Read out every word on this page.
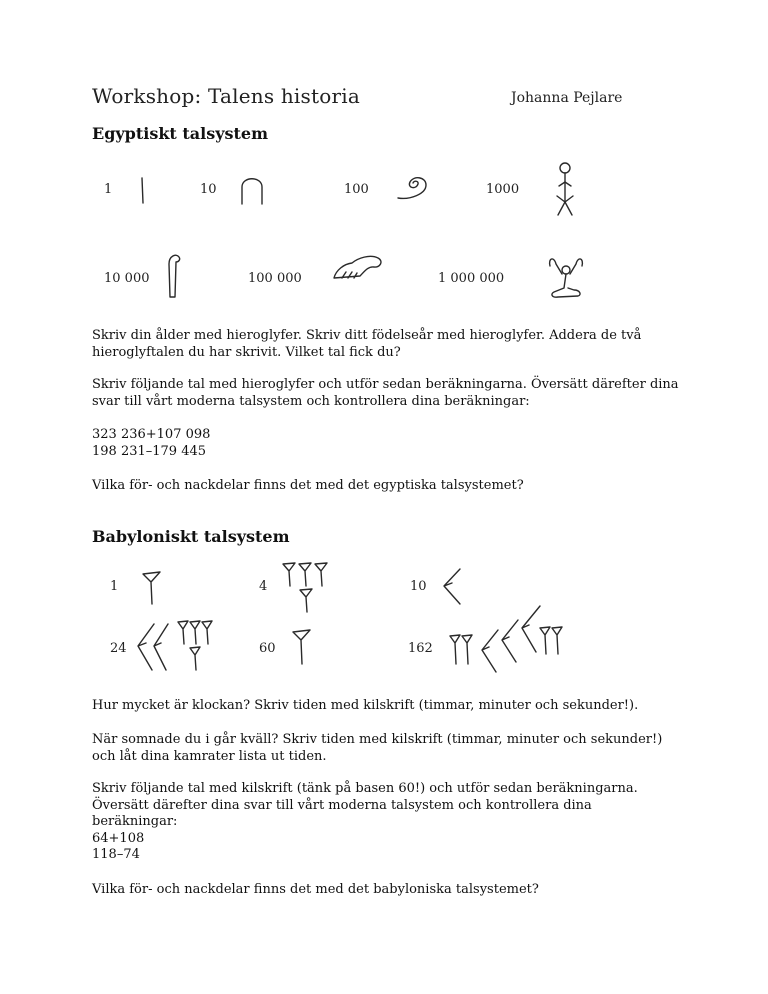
Workshop: Talens historia	Johanna Pejlare
Egyptiskt talsystem
1	10	100	1000
10 000	100 000	1 000 000
Skriv din ålder med hieroglyfer. Skriv ditt födelseår med hieroglyfer. Addera de två
hieroglyftalen du har skrivit. Vilket tal fick du?
Skriv följande tal med hieroglyfer och utför sedan beräkningarna. Översätt därefter dina
svar till vårt moderna talsystem och kontrollera dina beräkningar:
323 236+107 098
198 231–179 445
Vilka för- och nackdelar finns det med det egyptiska talsystemet?
Babyloniskt talsystem
1	4	10
24	60	162
Hur mycket är klockan? Skriv tiden med kilskrift (timmar, minuter och sekunder!).
När somnade du i går kväll? Skriv tiden med kilskrift (timmar, minuter och sekunder!)
och låt dina kamrater lista ut tiden.
Skriv följande tal med kilskrift (tänk på basen 60!) och utför sedan beräkningarna.
Översätt därefter dina svar till vårt moderna talsystem och kontrollera dina
beräkningar:
64+108
118–74
Vilka för- och nackdelar finns det med det babyloniska talsystemet?
